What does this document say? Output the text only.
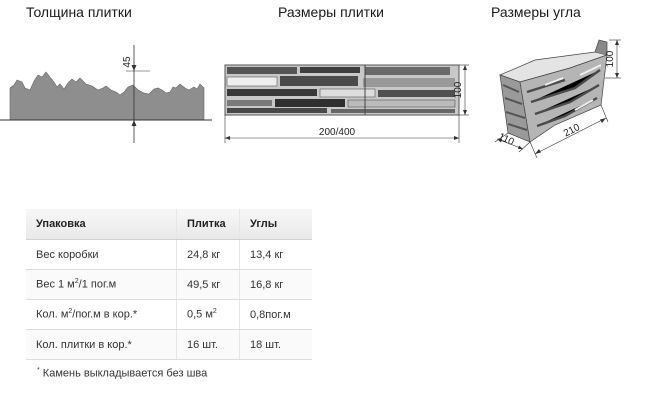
Толщина плитки	Размеры плитки	Размеры угла
45
100
200/400
100
210
110
Упаковка	Плитка	Углы
Вес коробки	24,8 кг	13,4 кг
Вес 1 $м^2/1$ пог.м	49,5 кг	16,8 кг
Кол. $м^2/пог.м$ в кор.*	0,5 $м^2$	0,8пог.м
Кол. плитки в кор.*	16 шт.	18 шт.
* Камень выкладывается без шва
